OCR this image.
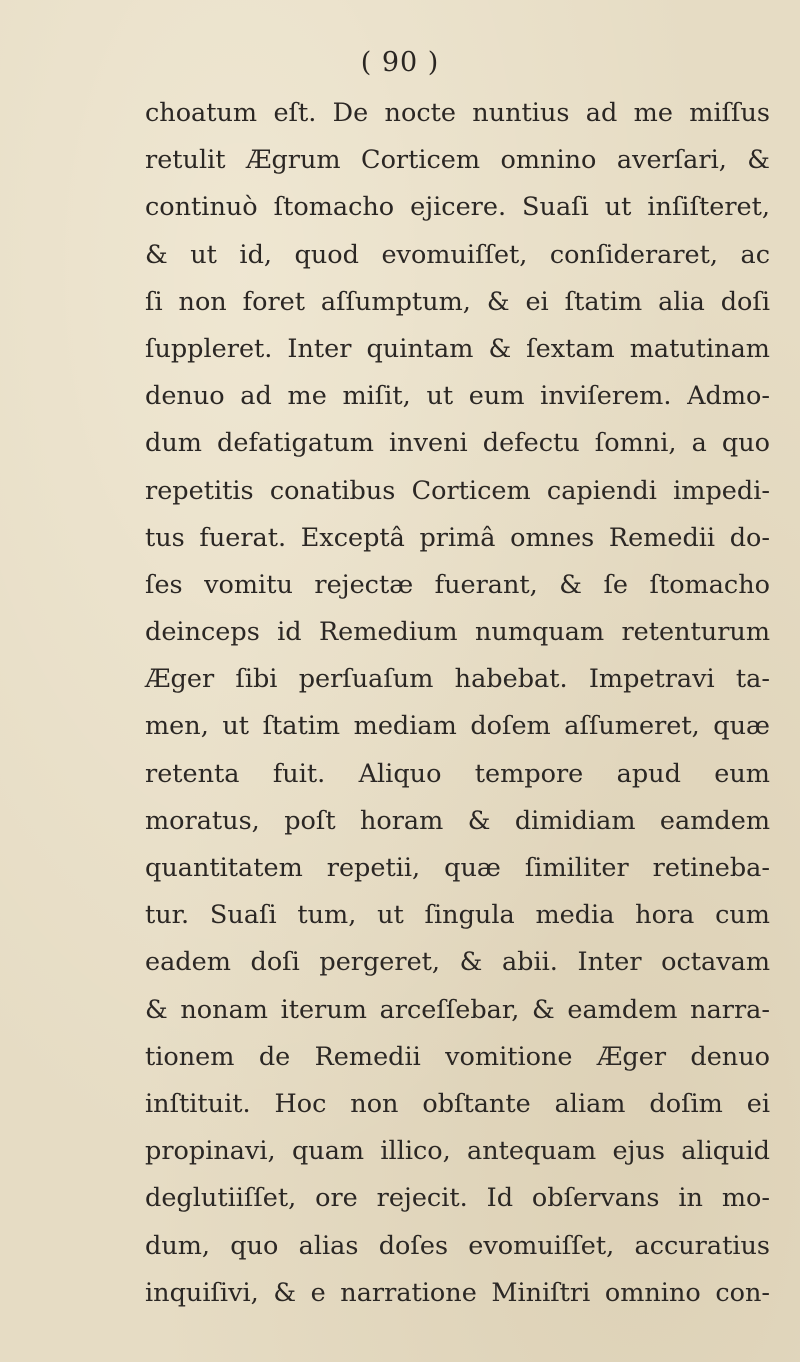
( 90 )
choatum eſt. De nocte nuntius ad me miſſus
retulit Ægrum Corticem omnino averſari, &
continuò ſtomacho ejicere. Suaſi ut inſiſteret,
& ut id, quod evomuiſſet, conſideraret, ac
ſi non foret aſſumptum, & ei ſtatim alia doſi
ſuppleret. Inter quintam & ſextam matutinam
denuo ad me miſit, ut eum inviſerem. Admo-
dum defatigatum inveni defectu ſomni, a quo
repetitis conatibus Corticem capiendi impedi-
tus fuerat. Exceptâ primâ omnes Remedii do-
ſes vomitu rejectæ fuerant, & ſe ſtomacho
deinceps id Remedium numquam retenturum
Æger ſibi perſuaſum habebat. Impetravi ta-
men, ut ſtatim mediam doſem aſſumeret, quæ
retenta fuit. Aliquo tempore apud eum
moratus, poſt horam & dimidiam eamdem
quantitatem repetii, quæ ſimiliter retineba-
tur. Suaſi tum, ut ſingula media hora cum
eadem doſi pergeret, & abii. Inter octavam
& nonam iterum arceſſebar, & eamdem narra-
tionem de Remedii vomitione Æger denuo
inſtituit. Hoc non obſtante aliam doſim ei
propinavi, quam illico, antequam ejus aliquid
deglutiiſſet, ore rejecit. Id obſervans in mo-
dum, quo alias doſes evomuiſſet, accuratius
inquiſivi, & e narratione Miniſtri omnino con-
